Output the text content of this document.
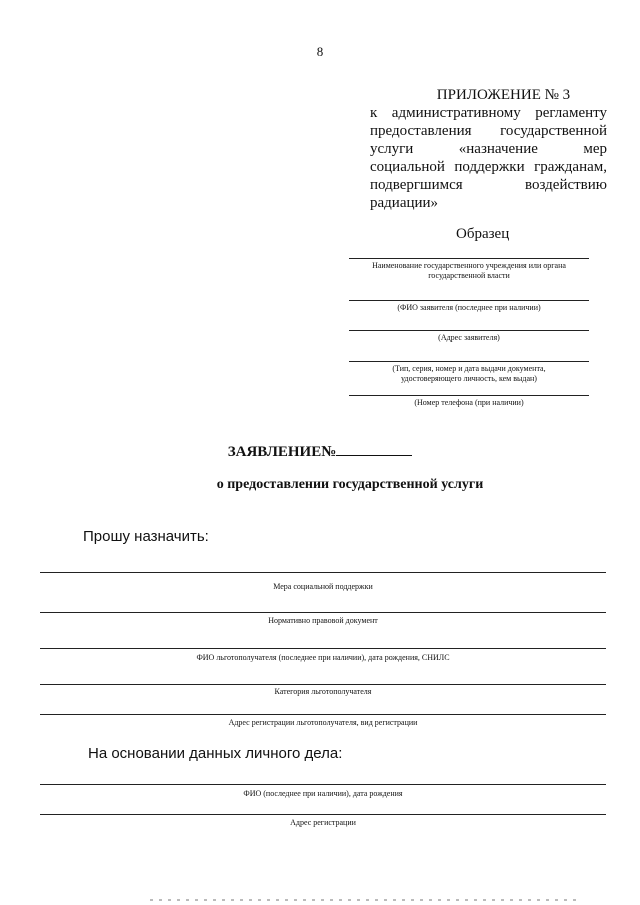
8
ПРИЛОЖЕНИЕ № 3
к административному регламенту
предоставления государственной
услуги «назначение мер
социальной поддержки гражданам,
подвергшимся воздействию
радиации»
Образец
Наименование государственного учреждения или органа
государственной власти
(ФИО заявителя (последнее при наличии)
(Адрес заявителя)
(Тип, серия, номер и дата выдачи документа,
удостоверяющего личность, кем выдан)
(Номер телефона (при наличии)
ЗАЯВЛЕНИЕ№
о предоставлении государственной услуги
Прошу назначить:
Мера социальной поддержки
Нормативно правовой документ
ФИО льготополучателя (последнее при наличии), дата рождения, СНИЛС
Категория льготополучателя
Адрес регистрации льготополучателя, вид регистрации
На основании данных личного дела:
ФИО (последнее при наличии), дата рождения
Адрес регистрации
